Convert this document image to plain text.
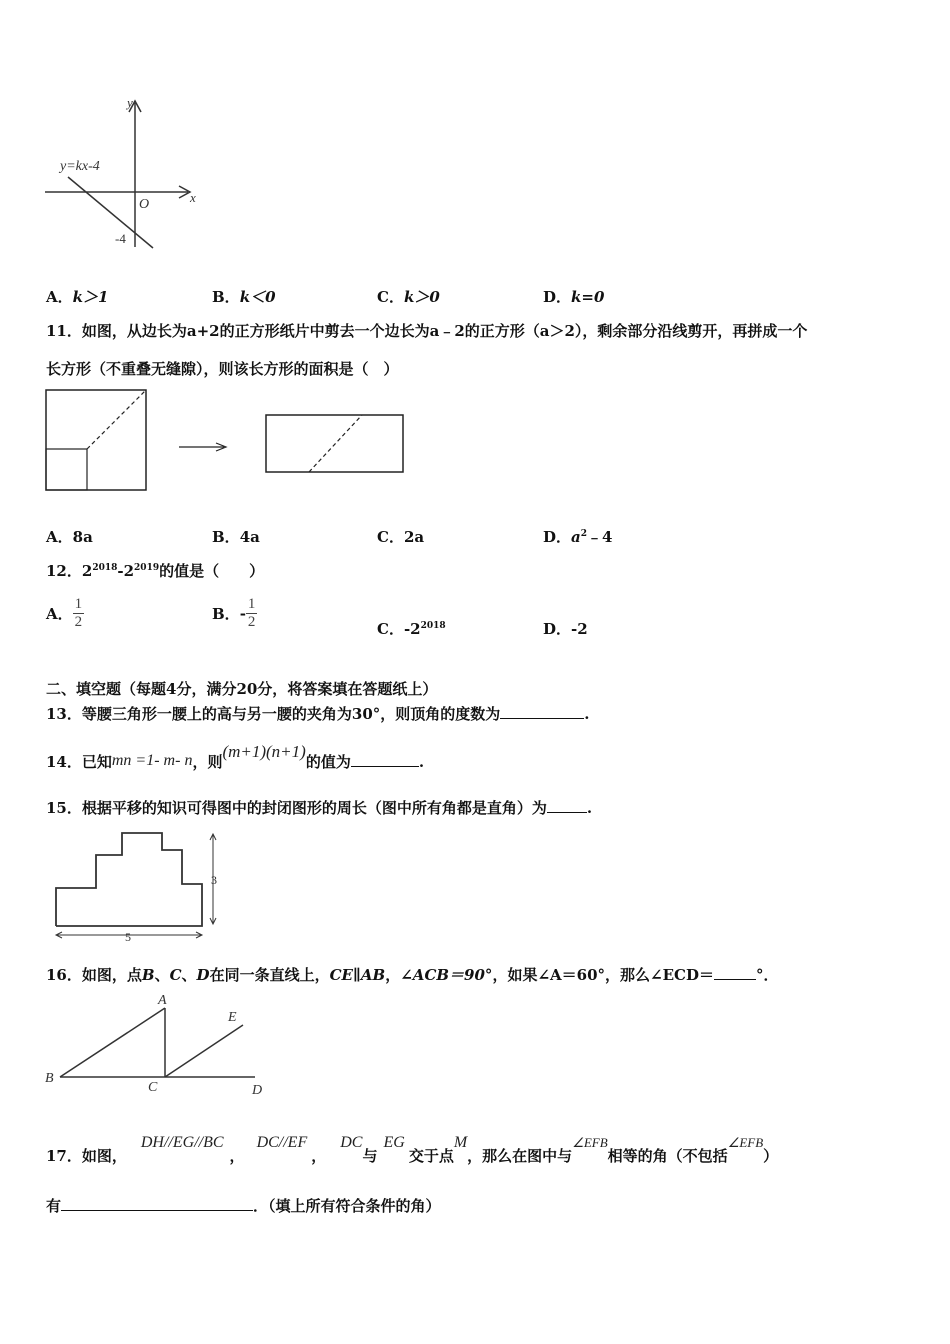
y=kx-4
y
x
O
-4
A．k＞1	B．k＜0	C．k＞0	D．k=0
11．如图，从边长为a+2的正方形纸片中剪去一个边长为a﹣2的正方形（a＞2），剩余部分沿线剪开，再拼成一个
长方形（不重叠无缝隙），则该长方形的面积是（　）
A．8a	B．4a	C．2a	D．$a^2﹣4$
12．$2^{2018}-2^{2019}$的值是（　　）
A． $\frac{1}{2}$	B．- $\frac{1}{2}$	C．$-2^{2018}$	D．-2
二、填空题（每题4分，满分20分，将答案填在答题纸上）
13．等腰三角形一腰上的高与另一腰的夹角为30°，则顶角的度数为	.
14．已知mn =1- m- n，则(m+1)(n+1)的值为	.
15．根据平移的知识可得图中的封闭图形的周长（图中所有角都是直角）为	.
3
5
16．如图，点B、C、D在同一条直线上，CE∥AB，∠ACB＝90°，如果∠A＝60°，那么∠ECD＝	°．
A
B
C	D
E
17．如图，DH//EG//BC，DC//EF，DC与EG交于点M，那么在图中与∠EFB相等的角（不包括∠EFB）
有	．（填上所有符合条件的角）
